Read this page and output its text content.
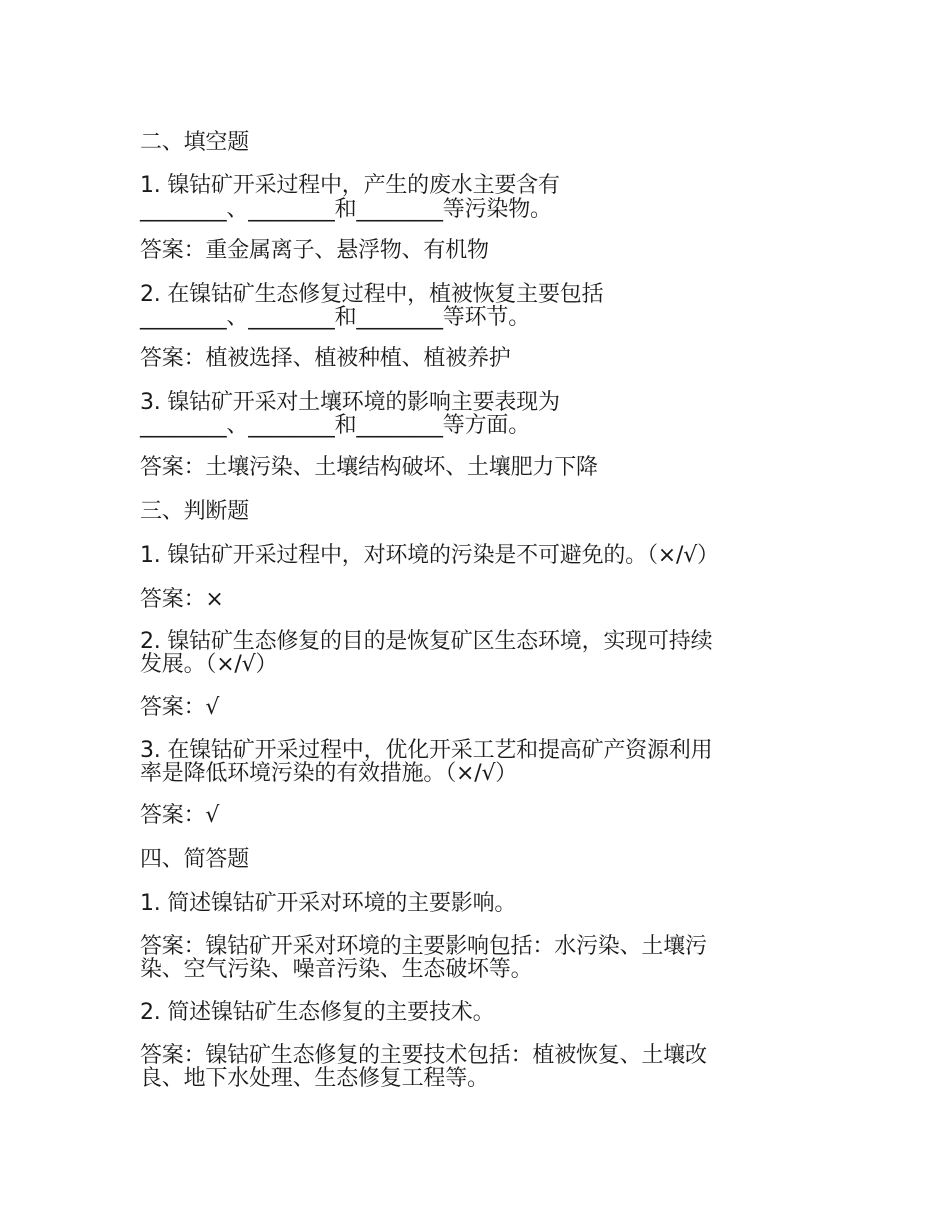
二、填空题
1. 镍钴矿开采过程中，产生的废水主要含有
________、________和________等污染物。
答案：重金属离子、悬浮物、有机物
2. 在镍钴矿生态修复过程中，植被恢复主要包括
________、________和________等环节。
答案：植被选择、植被种植、植被养护
3. 镍钴矿开采对土壤环境的影响主要表现为
________、________和________等方面。
答案：土壤污染、土壤结构破坏、土壤肥力下降
三、判断题
1. 镍钴矿开采过程中，对环境的污染是不可避免的。（×/√）
答案：×
2. 镍钴矿生态修复的目的是恢复矿区生态环境，实现可持续
发展。（×/√）
答案：√
3. 在镍钴矿开采过程中，优化开采工艺和提高矿产资源利用
率是降低环境污染的有效措施。（×/√）
答案：√
四、简答题
1. 简述镍钴矿开采对环境的主要影响。
答案：镍钴矿开采对环境的主要影响包括：水污染、土壤污
染、空气污染、噪音污染、生态破坏等。
2. 简述镍钴矿生态修复的主要技术。
答案：镍钴矿生态修复的主要技术包括：植被恢复、土壤改
良、地下水处理、生态修复工程等。
